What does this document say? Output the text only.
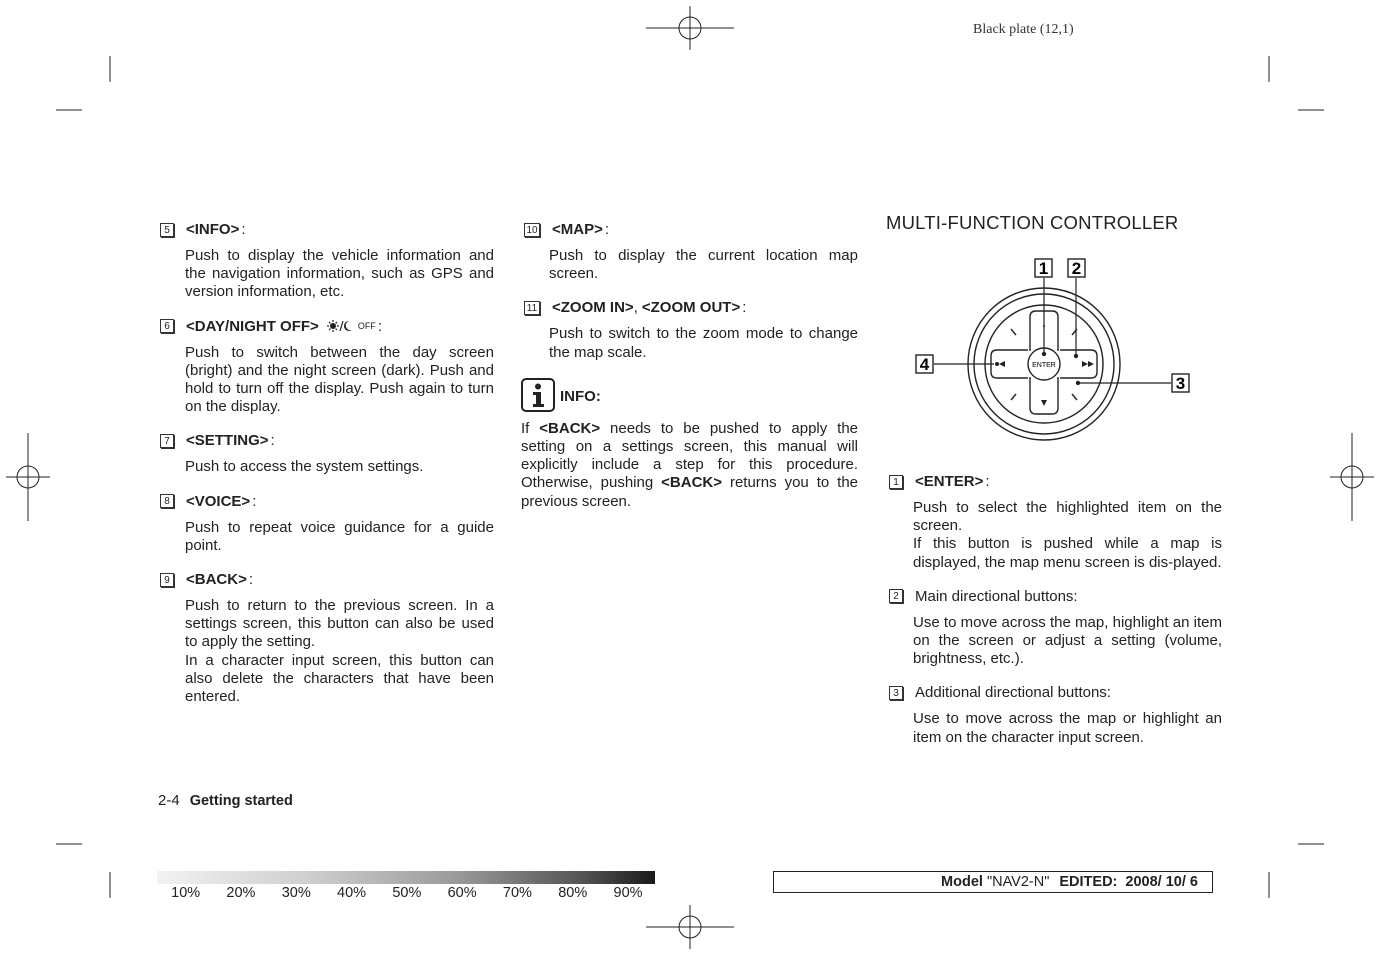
Black plate (12,1)
5 <INFO> :

Push to display the vehicle information and the navigation information, such as GPS and version information, etc.

6 <DAY/NIGHT OFF>	OFF :

Push to switch between the day screen (bright) and the night screen (dark). Push and hold to turn off the display. Push again to turn on the display.

7 <SETTING> :

Push to access the system settings.

8 <VOICE> :

Push to repeat voice guidance for a guide point.

9 <BACK> :

Push to return to the previous screen. In a settings screen, this button can also be used to apply the setting.

In a character input screen, this button can also delete the characters that have been entered.

10 <MAP> :

Push to display the current location map screen.

11 <ZOOM IN> , <ZOOM OUT> :

Push to switch to the zoom mode to change the map scale.

INFO:
If <BACK> needs to be pushed to apply the setting on a settings screen, this manual will explicitly include a step for this procedure. Otherwise, pushing <BACK> returns you to the previous screen.
MULTI-FUNCTION CONTROLLER
ENTER
1 2
3
4
1 <ENTER> :

Push to select the highlighted item on the screen.

If this button is pushed while a map is displayed, the map menu screen is dis-played.

2 Main directional buttons:

Use to move across the map, highlight an item on the screen or adjust a setting (volume, brightness, etc.).

3 Additional directional buttons:

Use to move across the map or highlight an item on the character input screen.

2-4 Getting started
10%	20%	30%	40%	50%	60%	70%	80%	90%
Model "NAV2-N" EDITED: 2008/ 10/ 6
